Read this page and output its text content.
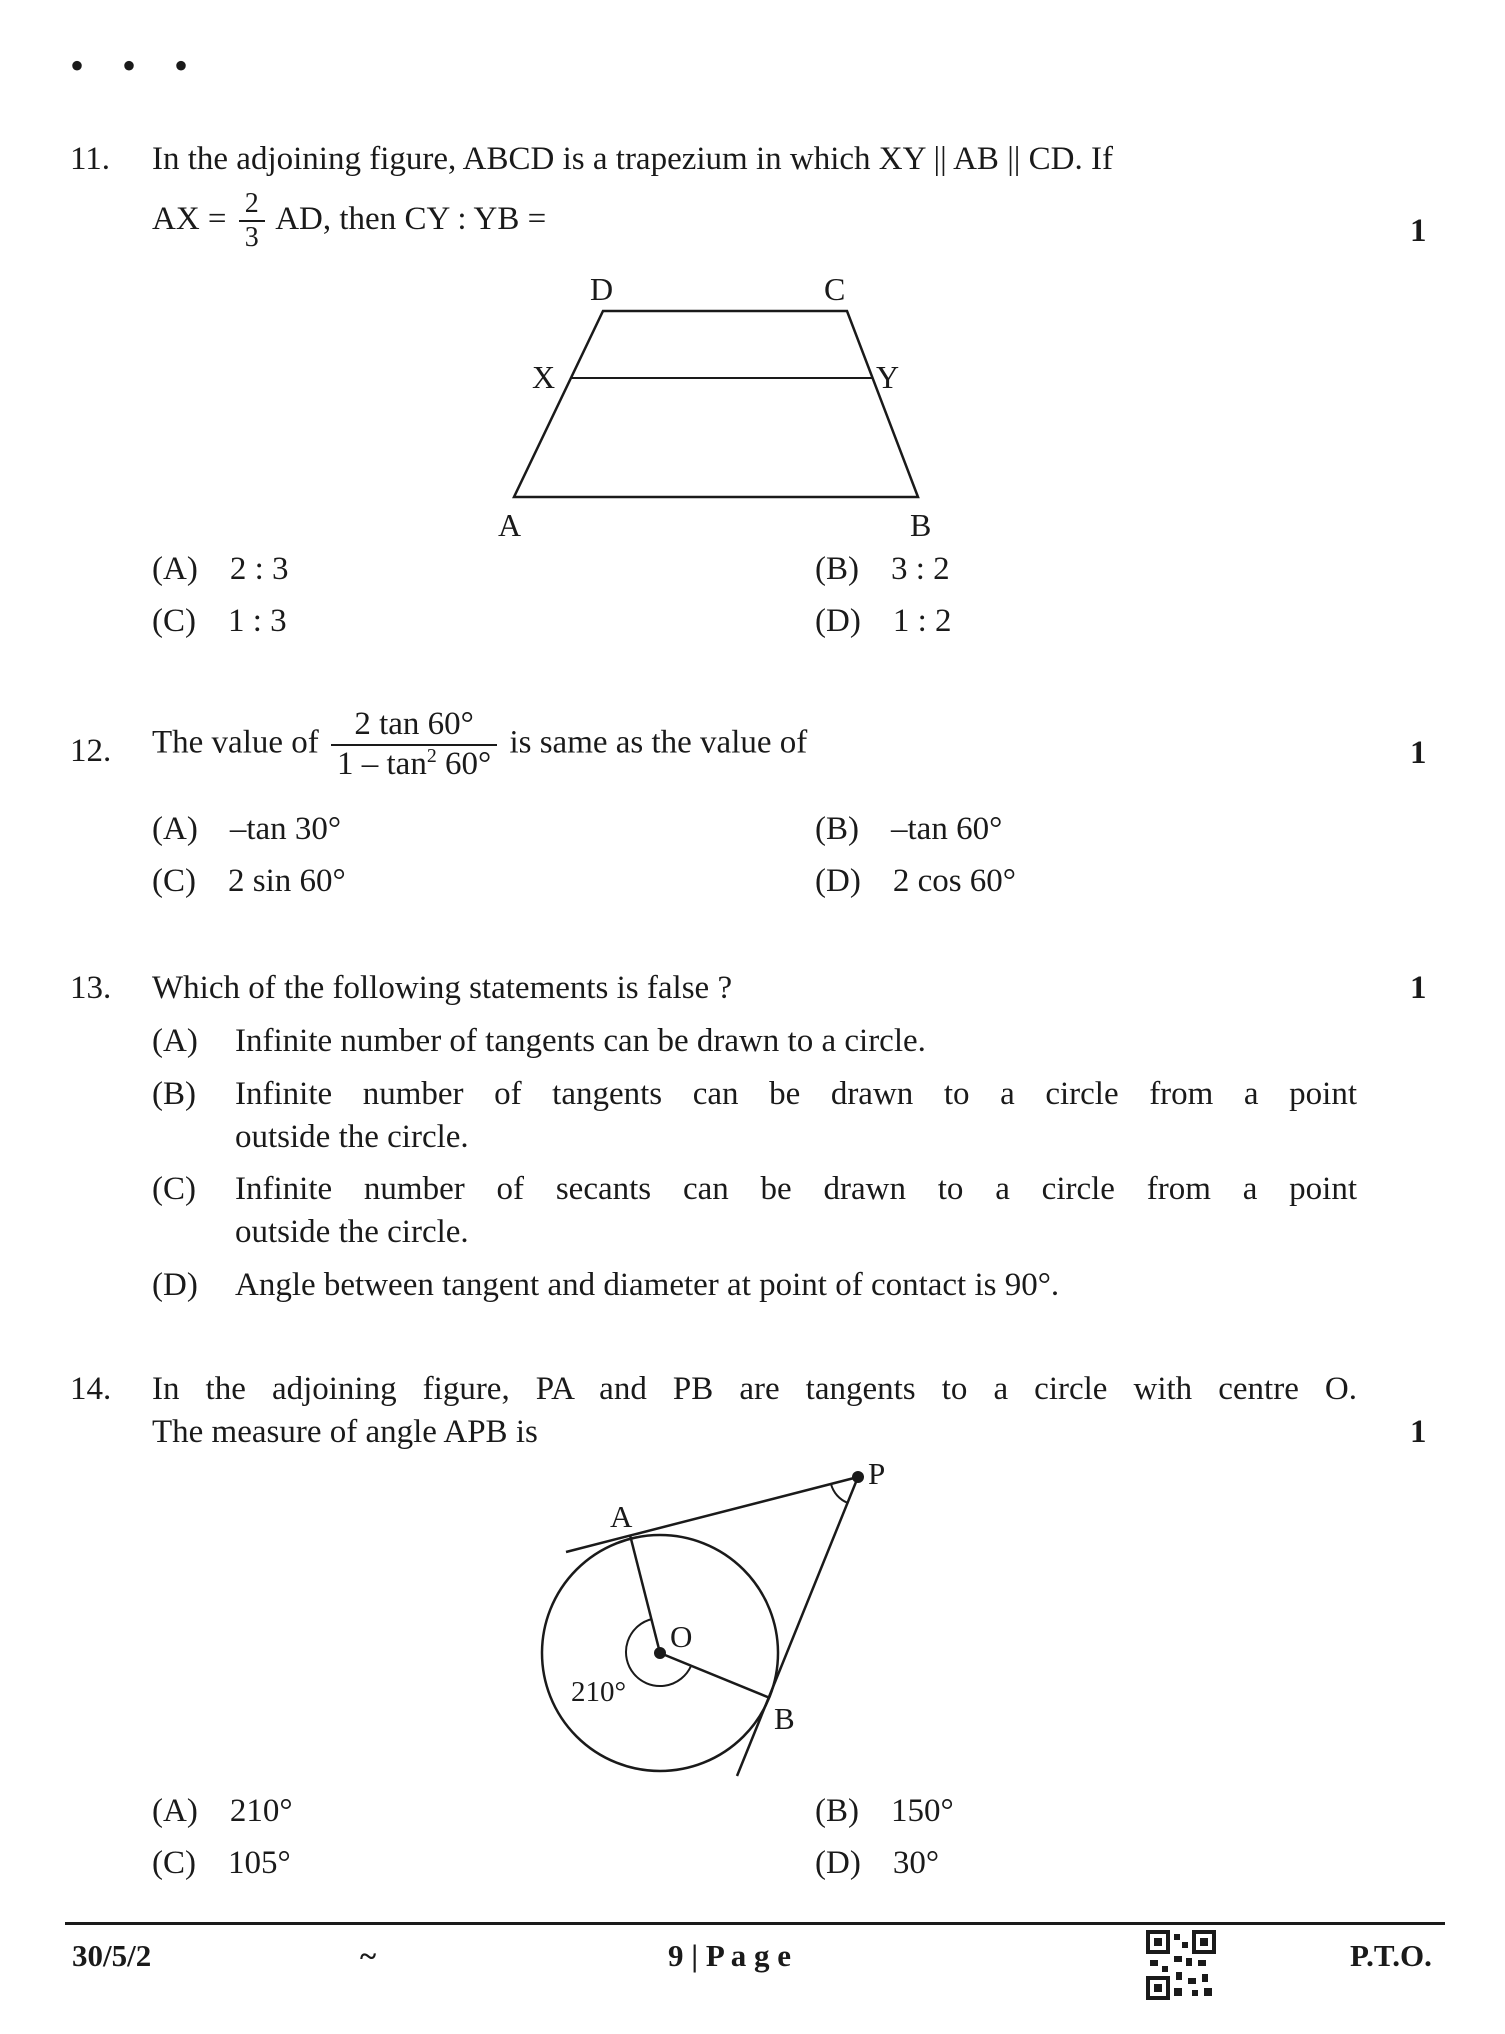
• • •
11. In the adjoining figure, ABCD is a trapezium in which XY || AB || CD. If
AX = $\frac{2}{3}$ AD, then CY : YB =	1
D	C
X	Y
A	B
(A) 2 : 3	(B) 3 : 2
(C) 1 : 3	(D) 1 : 2
12. The value of $\frac{2 \tan 60^\circ}{1 - \tan^2 60^\circ}$ is same as the value of	1
(A) –tan 30°	(B) –tan 60°
(C) 2 sin 60°	(D) 2 cos 60°
13. Which of the following statements is false ?	1
(A) Infinite number of tangents can be drawn to a circle.
(B) Infinite number of tangents can be drawn to a circle from a point
outside the circle.
(C) Infinite number of secants can be drawn to a circle from a point
outside the circle.
(D) Angle between tangent and diameter at point of contact is 90°.
14. In the adjoining figure, PA and PB are tangents to a circle with centre O.
The measure of angle APB is	1
P
A
O
B
210°
(A) 210°	(B) 150°
(C) 105°	(D) 30°
30/5/2	~	9 | P a g e	P.T.O.
